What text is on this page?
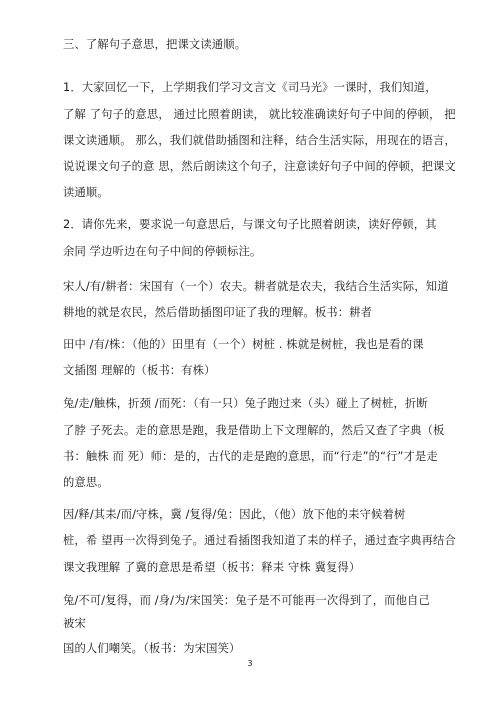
三、了解句子意思，把课文读通顺。
1．大家回忆一下，上学期我们学习文言文《司马光》一课时，我们知道，
了解 了句子的意思， 通过比照着朗读， 就比较准确读好句子中间的停顿， 把
课文读通顺。 那么，我们就借助插图和注释，结合生活实际，用现在的语言，
说说课文句子的意 思，然后朗读这个句子，注意读好句子中间的停顿，把课文
读通顺。
2．请你先来，要求说一句意思后，与课文句子比照着朗读，读好停顿，其
余同 学边听边在句子中间的停顿标注。
宋人/有/耕者：宋国有（一个）农夫。耕者就是农夫，我结合生活实际，知道
耕地的就是农民，然后借助插图印证了我的理解。板书：耕者
田中 /有/株：（他的）田里有（一个）树桩 . 株就是树桩，我也是看的课
文插图 理解的（板书：有株）
兔/走/触株，折颈 /而死：（有一只）兔子跑过来（头）碰上了树桩，折断
了脖 子死去。走的意思是跑，我是借助上下文理解的，然后又查了字典（板
书：触株 而 死）师：是的，古代的走是跑的意思，而“行走”的“行”才是走
的意思。
因/释/其耒/而/守株，冀 /复得/兔：因此，（他）放下他的耒守候着树
桩，希 望再一次得到兔子。通过看插图我知道了耒的样子，通过查字典再结合
课文我理解 了冀的意思是希望（板书：释耒 守株 冀复得）
兔/不可/复得，而 /身/为/宋国笑：兔子是不可能再一次得到了，而他自己
被宋
国的人们嘲笑。（板书：为宋国笑）
3
